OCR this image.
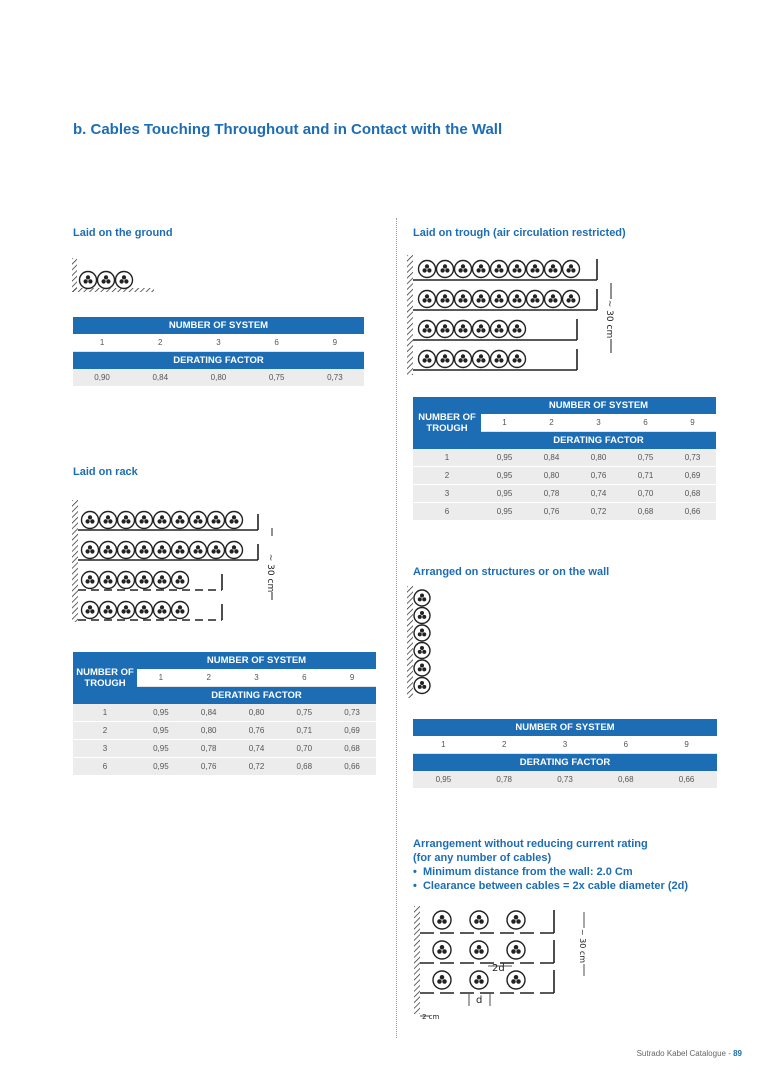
b. Cables Touching Throughout and in Contact with the Wall
Laid on the ground
NUMBER OF SYSTEM				
1	2	3	6	9
DERATING FACTOR				
0,90	0,84	0,80	0,75	0,73
Laid on rack
~ 30 cm
NUMBER OF TROUGH	NUMBER OF SYSTEM				
	1	2	3	6	9
	DERATING FACTOR				
1	0,95	0,84	0,80	0,75	0,73
2	0,95	0,80	0,76	0,71	0,69
3	0,95	0,78	0,74	0,70	0,68
6	0,95	0,76	0,72	0,68	0,66
Laid on trough (air circulation restricted)
~ 30 cm
NUMBER OF TROUGH	NUMBER OF SYSTEM				
	1	2	3	6	9
	DERATING FACTOR				
1	0,95	0,84	0,80	0,75	0,73
2	0,95	0,80	0,76	0,71	0,69
3	0,95	0,78	0,74	0,70	0,68
6	0,95	0,76	0,72	0,68	0,66
Arranged on structures or on the wall
NUMBER OF SYSTEM				
1	2	3	6	9
DERATING FACTOR				
0,95	0,78	0,73	0,68	0,66
Arrangement without reducing current rating
(for any number of cables)
•  Minimum distance from the wall: 2.0 Cm
•  Clearance between cables = 2x cable diameter (2d)
2d
d
2 cm
~ 30 cm
Sutrado Kabel Catalogue - 89
